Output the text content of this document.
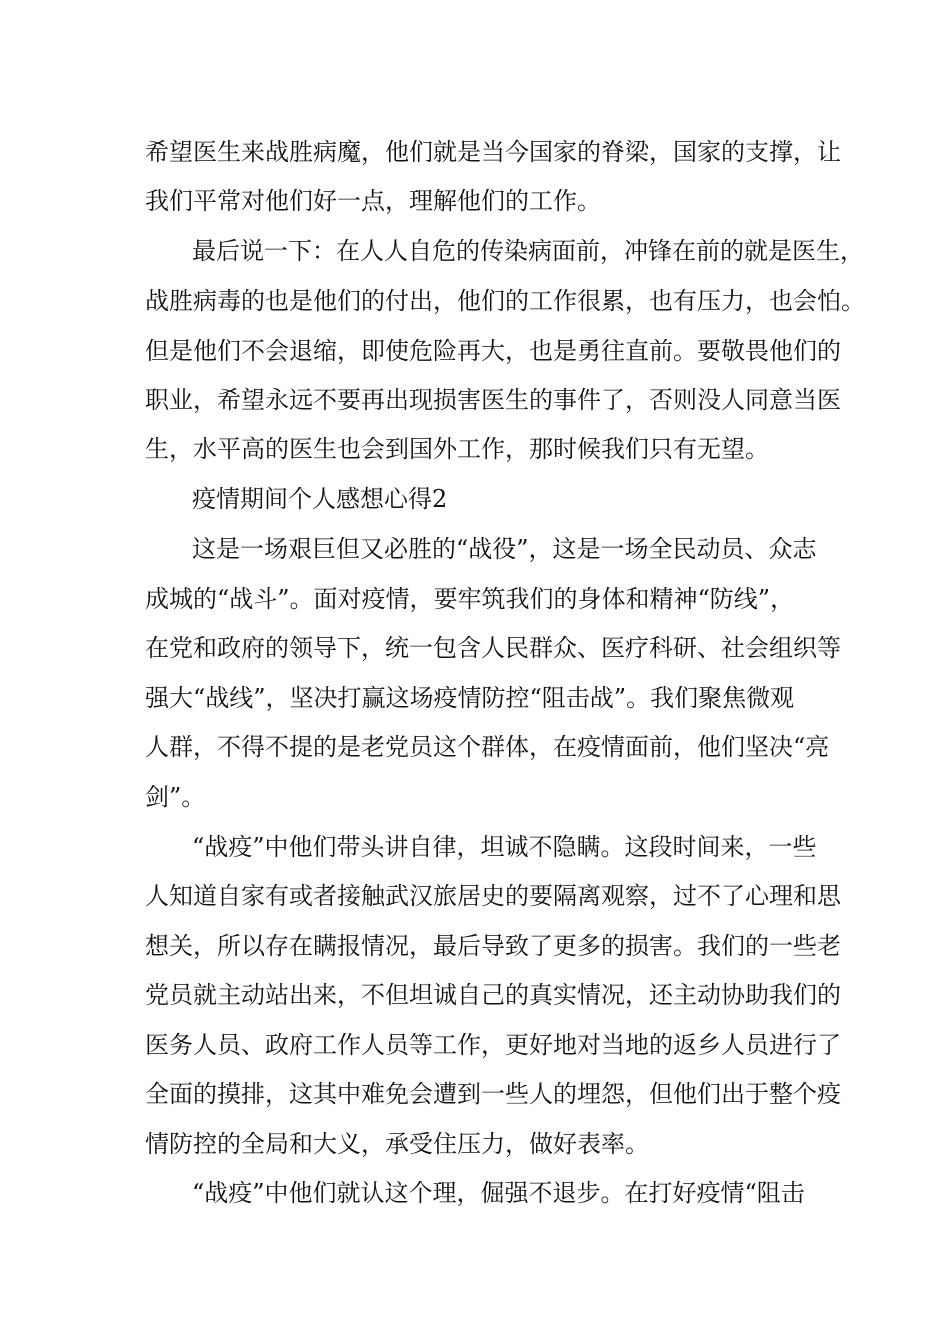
希望医生来战胜病魔，他们就是当今国家的脊梁，国家的支撑，让
我们平常对他们好一点，理解他们的工作。
最后说一下：在人人自危的传染病面前，冲锋在前的就是医生，
战胜病毒的也是他们的付出，他们的工作很累，也有压力，也会怕。
但是他们不会退缩，即使危险再大，也是勇往直前。要敬畏他们的
职业，希望永远不要再出现损害医生的事件了，否则没人同意当医
生，水平高的医生也会到国外工作，那时候我们只有无望。
疫情期间个人感想心得2
这是一场艰巨但又必胜的“战役”，这是一场全民动员、众志
成城的“战斗”。面对疫情，要牢筑我们的身体和精神“防线”，
在党和政府的领导下，统一包含人民群众、医疗科研、社会组织等
强大“战线”，坚决打赢这场疫情防控“阻击战”。我们聚焦微观
人群，不得不提的是老党员这个群体，在疫情面前，他们坚决“亮
剑”。
“战疫”中他们带头讲自律，坦诚不隐瞒。这段时间来，一些
人知道自家有或者接触武汉旅居史的要隔离观察，过不了心理和思
想关，所以存在瞒报情况，最后导致了更多的损害。我们的一些老
党员就主动站出来，不但坦诚自己的真实情况，还主动协助我们的
医务人员、政府工作人员等工作，更好地对当地的返乡人员进行了
全面的摸排，这其中难免会遭到一些人的埋怨，但他们出于整个疫
情防控的全局和大义，承受住压力，做好表率。
“战疫”中他们就认这个理，倔强不退步。在打好疫情“阻击
